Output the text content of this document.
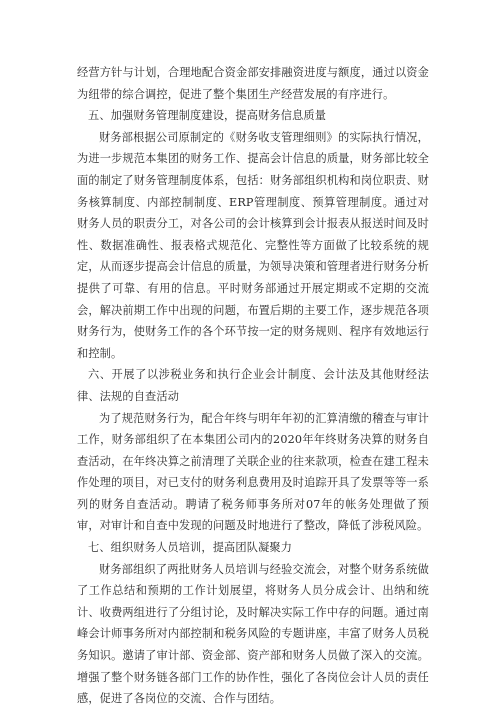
经营方针与计划，合理地配合资金部安排融资进度与额度，通过以资金为纽带的综合调控，促进了整个集团生产经营发展的有序进行。

五、加强财务管理制度建设，提高财务信息质量

财务部根据公司原制定的《财务收支管理细则》的实际执行情况，为进一步规范本集团的财务工作、提高会计信息的质量，财务部比较全面的制定了财务管理制度体系，包括：财务部组织机构和岗位职责、财务核算制度、内部控制制度、ERP管理制度、预算管理制度。通过对财务人员的职责分工，对各公司的会计核算到会计报表从报送时间及时性、数据准确性、报表格式规范化、完整性等方面做了比较系统的规定，从而逐步提高会计信息的质量，为领导决策和管理者进行财务分析提供了可靠、有用的信息。平时财务部通过开展定期或不定期的交流会，解决前期工作中出现的问题，布置后期的主要工作，逐步规范各项财务行为，使财务工作的各个环节按一定的财务规则、程序有效地运行和控制。

六、开展了以涉税业务和执行企业会计制度、会计法及其他财经法律、法规的自查活动

为了规范财务行为，配合年终与明年年初的汇算清缴的稽查与审计工作，财务部组织了在本集团公司内的2020年年终财务决算的财务自查活动，在年终决算之前清理了关联企业的往来款项，检查在建工程未作处理的项目，对已支付的财务利息费用及时追踪开具了发票等等一系列的财务自查活动。聘请了税务师事务所对07年的帐务处理做了预审，对审计和自查中发现的问题及时地进行了整改，降低了涉税风险。

七、组织财务人员培训，提高团队凝聚力

财务部组织了两批财务人员培训与经验交流会，对整个财务系统做了工作总结和预期的工作计划展望，将财务人员分成会计、出纳和统计、收费两组进行了分组讨论，及时解决实际工作中存的问题。通过南峰会计师事务所对内部控制和税务风险的专题讲座，丰富了财务人员税务知识。邀请了审计部、资金部、资产部和财务人员做了深入的交流。增强了整个财务链各部门工作的协作性，强化了各岗位会计人员的责任感，促进了各岗位的交流、合作与团结。
